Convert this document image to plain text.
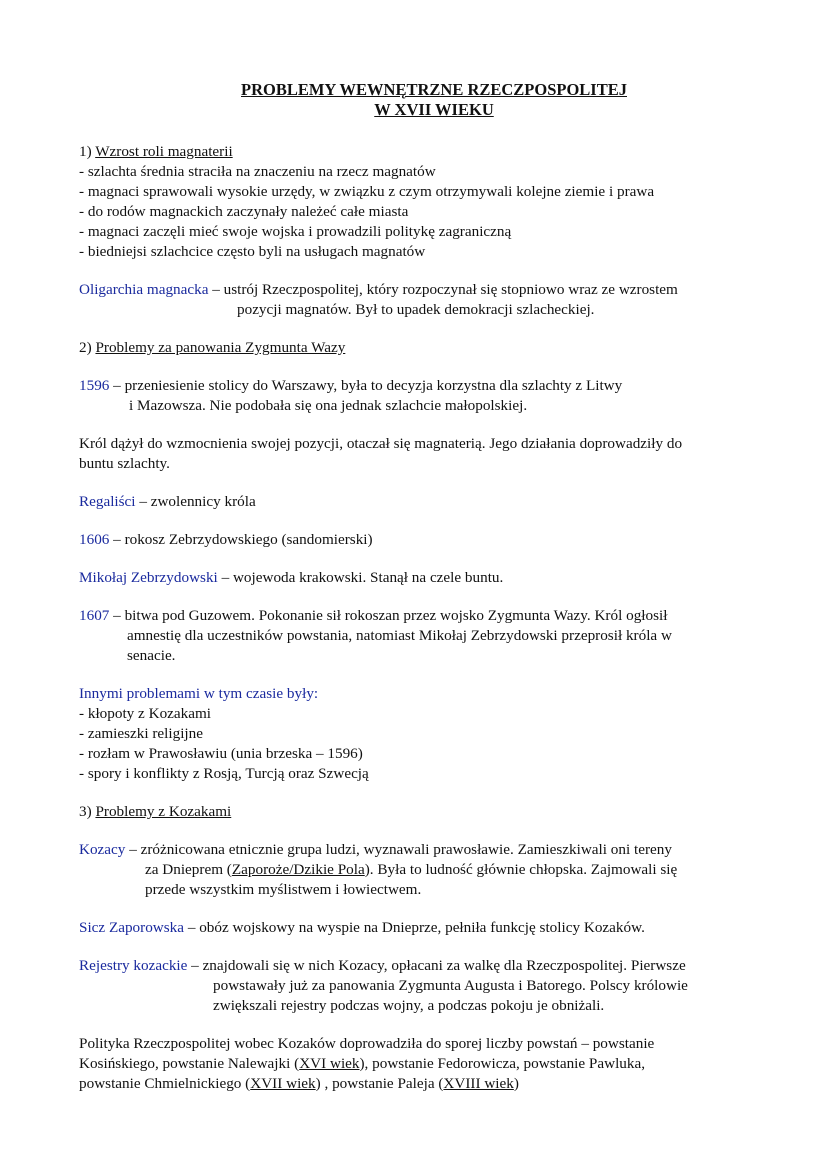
PROBLEMY WEWNĘTRZNE RZECZPOSPOLITEJ
W XVII WIEKU
1) Wzrost roli magnaterii
- szlachta średnia straciła na znaczeniu na rzecz magnatów
- magnaci sprawowali wysokie urzędy, w związku z czym otrzymywali kolejne ziemie i prawa
- do rodów magnackich zaczynały należeć całe miasta
- magnaci zaczęli mieć swoje wojska i prowadzili politykę zagraniczną
- biedniejsi szlachcice często byli na usługach magnatów
Oligarchia magnacka – ustrój Rzeczpospolitej, który rozpoczynał się stopniowo wraz ze wzrostem
pozycji magnatów. Był to upadek demokracji szlacheckiej.
2) Problemy za panowania Zygmunta Wazy
1596 – przeniesienie stolicy do Warszawy, była to decyzja korzystna dla szlachty z Litwy
i Mazowsza. Nie podobała się ona jednak szlachcie małopolskiej.
Król dążył do wzmocnienia swojej pozycji, otaczał się magnaterią. Jego działania doprowadziły do
buntu szlachty.
Regaliści – zwolennicy króla
1606 – rokosz Zebrzydowskiego (sandomierski)
Mikołaj Zebrzydowski – wojewoda krakowski. Stanął na czele buntu.
1607 – bitwa pod Guzowem. Pokonanie sił rokoszan przez wojsko Zygmunta Wazy. Król ogłosił
amnestię dla uczestników powstania, natomiast Mikołaj Zebrzydowski przeprosił króla w
senacie.
Innymi problemami w tym czasie były:
- kłopoty z Kozakami
- zamieszki religijne
- rozłam w Prawosławiu (unia brzeska – 1596)
- spory i konflikty z Rosją, Turcją oraz Szwecją
3) Problemy z Kozakami
Kozacy – zróżnicowana etnicznie grupa ludzi, wyznawali prawosławie. Zamieszkiwali oni tereny
za Dnieprem (Zaporoże/Dzikie Pola). Była to ludność głównie chłopska. Zajmowali się
przede wszystkim myślistwem i łowiectwem.
Sicz Zaporowska – obóz wojskowy na wyspie na Dnieprze, pełniła funkcję stolicy Kozaków.
Rejestry kozackie – znajdowali się w nich Kozacy, opłacani za walkę dla Rzeczpospolitej. Pierwsze
powstawały już za panowania Zygmunta Augusta i Batorego. Polscy królowie
zwiększali rejestry podczas wojny, a podczas pokoju je obniżali.
Polityka Rzeczpospolitej wobec Kozaków doprowadziła do sporej liczby powstań – powstanie
Kosińskiego, powstanie Nalewajki (XVI wiek), powstanie Fedorowicza, powstanie Pawluka,
powstanie Chmielnickiego (XVII wiek) , powstanie Paleja (XVIII wiek)
